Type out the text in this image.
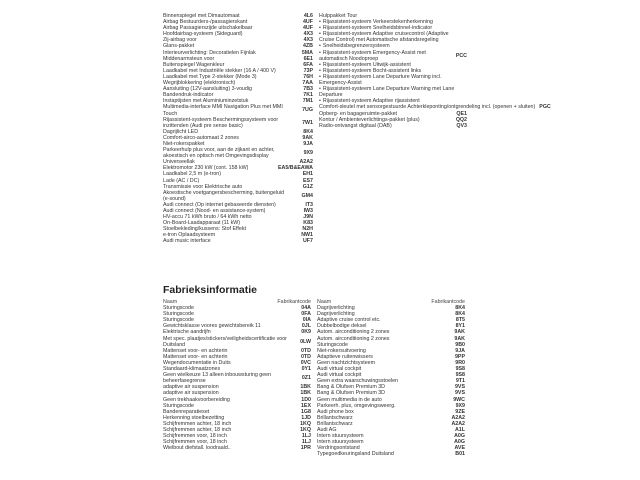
Binnenspiegel met Dimautomaat	4L6
Airbag Bestuurders-/passagierskant	4UF
Airbag Passagierszijde uitschakelbaar	4UF
Hoofdairbag-systeem (Sideguard)	4X3
Zij-airbag voor	4X3
Glans-pakket	4ZB
Interieurverlichting: Decoratielen Fijnlak	5MA
Middenarmsteun voor	6E1
Buitenspiegel Wagenkleur	6FA
Laadkabel met Industriële stekker (16 A / 400 V)	73P
Laadkabel met Type 2-stekker (Mode 3)	76H
Wegrijblokkering (elektronisch)	7AA
Aansluiting (12V-aansluiting) 3-voudig	7B3
Bandendruk-indicator	7K1
Instaptijsten met Aluminiuminzetstuk	7M1
Multimedia-interface MMI Navigation Plus met MMI Touch
7UG
Rijassistent-systeem Beschermingssysteem voor inzittenden (Audi pre sense basic)
7W1
Dagrijlicht LED	8K4
Comfort-airco-automaat 2 zones	9AK
Niet-rokerspakket	9JA
Parkeerhulp plus voor, aan de zijkant en achter, akoestisch en optisch met Omgevingsdisplay
9X9
Universeellak	A2A2
Elektromotor 230 kW (cont. 158 kW)	EA5/B&EAWA
Laadkabel 2,5 m (e-tron)	EH1
Lade (AC / DC)	ES7
Transmissie voor Elektrische auto	G1Z
Akoestische voetgangersbescherming, buitengeluid (e-sound)
GM4
Audi connect (Op internet gebaseerde diensten)	IT3
Audi connect (Nood- en assistance-system)	IW3
HV-accu 71 kWh bruto / 64 kWh netto	J9N
On-Board-Laadapparaat (11 kW)	K83
Stoelbekleding/kussens: Stof Effekt	N2H
e-tron Oplaadsysteem	NW1
Audi music interface	UF7
Hulppakket Tour
• Rijassistent-systeem Verkeerstekenherkenning
• Rijassistent-systeem Snelheidsbinnel-indicator
• Rijassistent-systeem Adaptive cruisecontrol (Adaptive Cruise Control) met Automatische afstandsregeling
• Snelheidsbegrenzersysteem
• Rijassistent-systeem Emergency-Assist met automatisch Noodoproep
PCC
• Rijassistent-systeem Uitwijk-assistent
• Rijassistent-systeem Bocht-assistent links
• Rijassistent-systeem Lane Departure Warning incl. Emergency-Assist
• Rijassistent-systeem Lane Departure Warning met Lane Departure
• Rijassistent-systeem Adaptive rijassistent
Comfort-sleutel met sensorgestuurde Achterkleponting/ontgrendeling incl. (openen + sluiten) PGC
Opberg- en bagageruimte-pakket	QE1
Kontur / Ambienteverlichtings-pakket (plus)	QQ2
Radio-ontvangst digitaal (DAB)	QV3
Fabrieksinformatie
Naam	Fabrikantcode
Sturingscode	04A
Sturingscode	0FA
Sturingscode	0IA
Gewichtsklasse voores gewichtsbereik 11	0JL
Elektrische aandrijfn	0K9
Met spec. plaatjes/stickers/veiligheidscertificatie voor Duitsland
0LW
Mattenset voor- en achterin	0TD
Mattenset voor- en achterin	0TD
Wegendocumentatie in Duits	0VC
Standaard-klimaatzones	0Y1
Geen wielkeuze 13 alleen inbouwsturing geen beheerfasegrense
0Z1
adaptive air suspension	1BK
adaptive air suspension	1BK
Geen trekhaakvoorbereiding	1D0
Sturingscode	1EX
Bandenreparatieset	1G8
Herkenning stoelbezetting	1JD
Schijfremmen achter, 18 inch	1KQ
Schijfremmen achter, 18 inch	1KQ
Schijfremmen voor, 18 inch	1LJ
Schijfremmen voor, 18 inch	1LJ
Wielbout diefstall. loodraald..	1PR
Naam	Fabrikantcode
Dagrijverlichting	8K4
Dagrijverlichting	8K4
Adaptive cruise control etc.	8T5
Dubbelbodige deksel	8Y1
Autom. airconditioning 2 zones	9AK
Autom. airconditioning 2 zones	9AK
Sturingscode	9B0
Niet-rokersuitvoering	9JA
Adaptieve ruitenwissers	9PP
Geen nachtzichtsysteem	9R0
Audi virtual cockpit	9S8
Audi virtual cockpit	9S8
Geen extra waarschuwingsstoelen	9T1
Bang & Olufsen Premium 3D	9VS
Bang & Olufsen Premium 3D	9VS
Geen multimedia in de auto	9WC
Parkeerh. plus, omgevingsweerg.	9X9
Audi phone box	9ZE
Brillantschwarz	A2A2
Brillantschwarz	A2A2
Audi AG	A1L
Intern stuursysteem	A0G
Intern stuursysteem	A0G
Verdringsontstand	AVE
Typegoedkeuringsland Duitsland	B01
